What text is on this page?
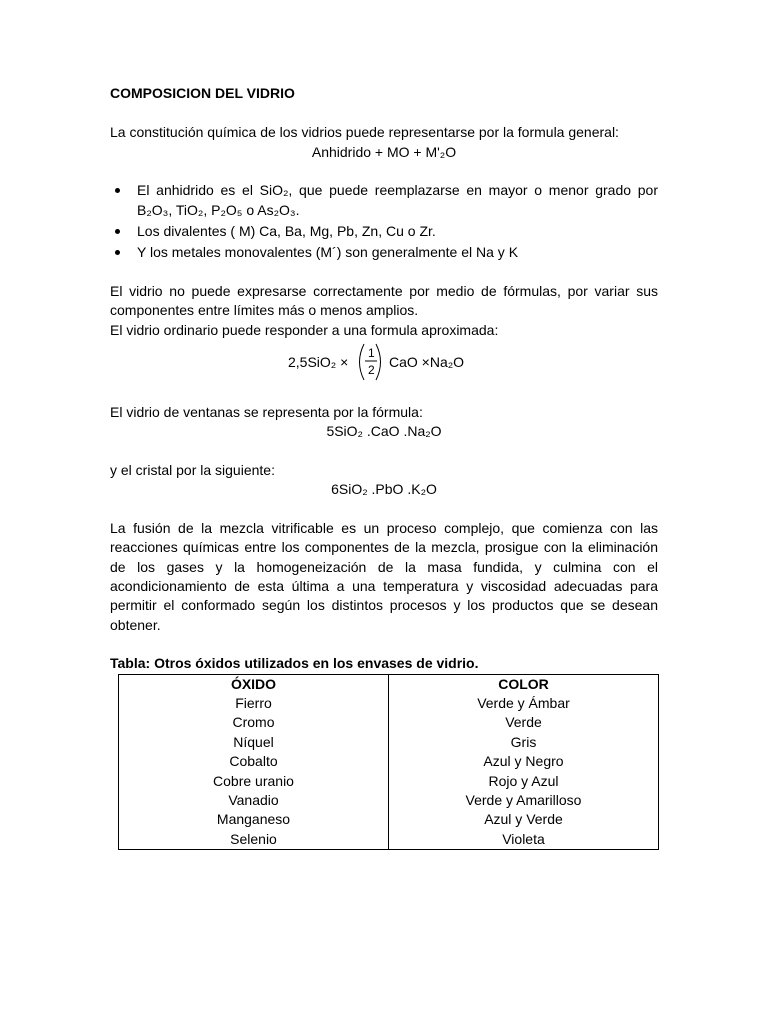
COMPOSICION DEL VIDRIO

La constitución química de los vidrios puede representarse por la formula general:

Anhidrido + MO + M'₂O

El anhidrido es el SiO₂, que puede reemplazarse en mayor o menor grado por B₂O₃, TiO₂, P₂O₅ o As₂O₃.
Los divalentes ( M) Ca, Ba, Mg, Pb, Zn, Cu o Zr.
Y los metales monovalentes (M´) son generalmente el Na y K

El vidrio no puede expresarse correctamente por medio de fórmulas, por variar sus componentes entre límites más o menos amplios.

El vidrio ordinario puede responder a una formula aproximada:

2,5SiO₂ ×
1
2 CaO ×Na₂O

El vidrio de ventanas se representa por la fórmula:

5SiO₂ .CaO .Na₂O

y el cristal por la siguiente:

6SiO₂ .PbO .K₂O

La fusión de la mezcla vitrificable es un proceso complejo, que comienza con las reacciones químicas entre los componentes de la mezcla, prosigue con la eliminación de los gases y la homogeneización de la masa fundida, y culmina con el acondicionamiento de esta última a una temperatura y viscosidad adecuadas para permitir el conformado según los distintos procesos y los productos que se desean obtener.

Tabla: Otros óxidos utilizados en los envases de vidrio.

ÓXIDO	COLOR
Fierro	Verde y Ámbar
Cromo	Verde
Níquel	Gris
Cobalto	Azul y Negro
Cobre uranio	Rojo y Azul
Vanadio	Verde y Amarilloso
Manganeso	Azul y Verde
Selenio	Violeta
